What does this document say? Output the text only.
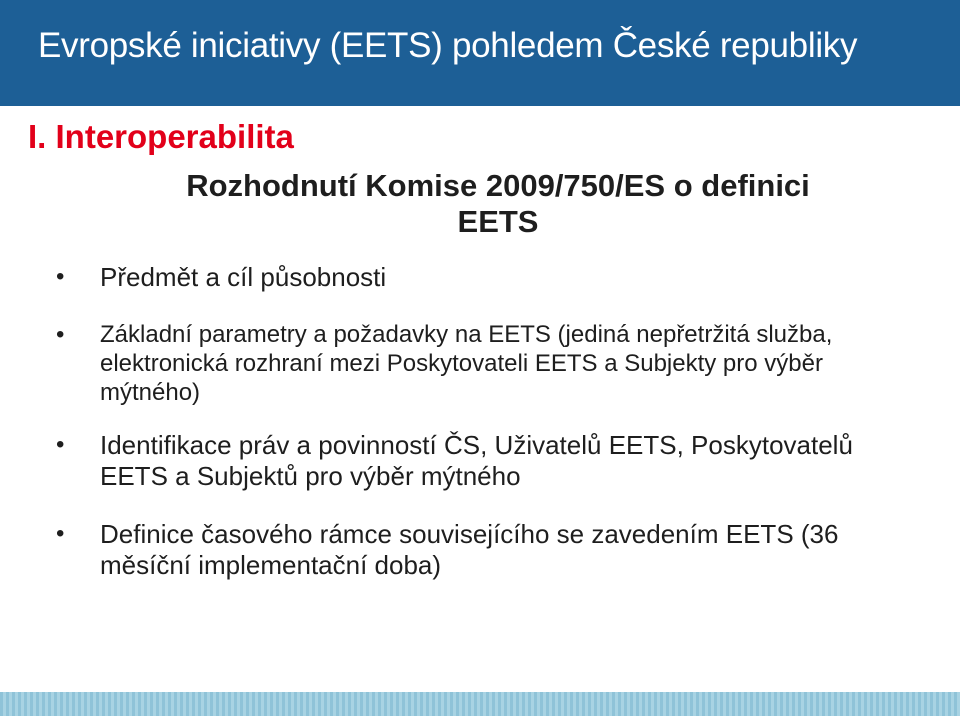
Evropské iniciativy (EETS) pohledem České republiky
I. Interoperabilita
Rozhodnutí Komise 2009/750/ES o definici
EETS
• Předmět a cíl působnosti
• Základní parametry a požadavky na EETS (jediná nepřetržitá služba, elektronická rozhraní mezi Poskytovateli EETS a Subjekty pro výběr mýtného)
• Identifikace práv a povinností ČS, Uživatelů EETS, Poskytovatelů EETS a Subjektů pro výběr mýtného
• Definice časového rámce souvisejícího se zavedením EETS (36 měsíční implementační doba)
